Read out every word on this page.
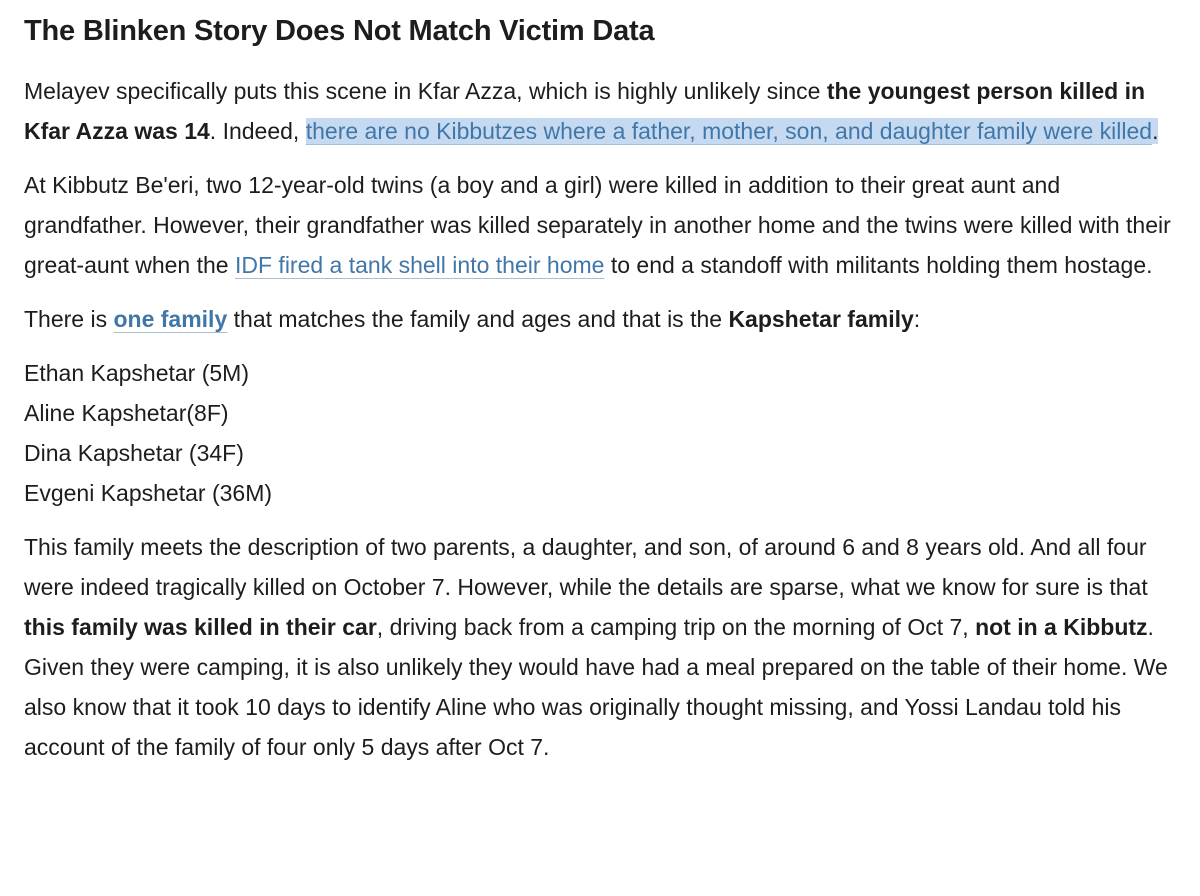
The Blinken Story Does Not Match Victim Data

Melayev specifically puts this scene in Kfar Azza, which is highly unlikely since the youngest person killed in Kfar Azza was 14. Indeed, there are no Kibbutzes where a father, mother, son, and daughter family were killed.

At Kibbutz Be'eri, two 12-year-old twins (a boy and a girl) were killed in addition to their great aunt and grandfather. However, their grandfather was killed separately in another home and the twins were killed with their great-aunt when the IDF fired a tank shell into their home to end a standoff with militants holding them hostage.

There is one family that matches the family and ages and that is the Kapshetar family:

Ethan Kapshetar (5M)
Aline Kapshetar(8F)
Dina Kapshetar (34F)
Evgeni Kapshetar (36M)

This family meets the description of two parents, a daughter, and son, of around 6 and 8 years old. And all four were indeed tragically killed on October 7. However, while the details are sparse, what we know for sure is that this family was killed in their car, driving back from a camping trip on the morning of Oct 7, not in a Kibbutz. Given they were camping, it is also unlikely they would have had a meal prepared on the table of their home. We also know that it took 10 days to identify Aline who was originally thought missing, and Yossi Landau told his account of the family of four only 5 days after Oct 7.
